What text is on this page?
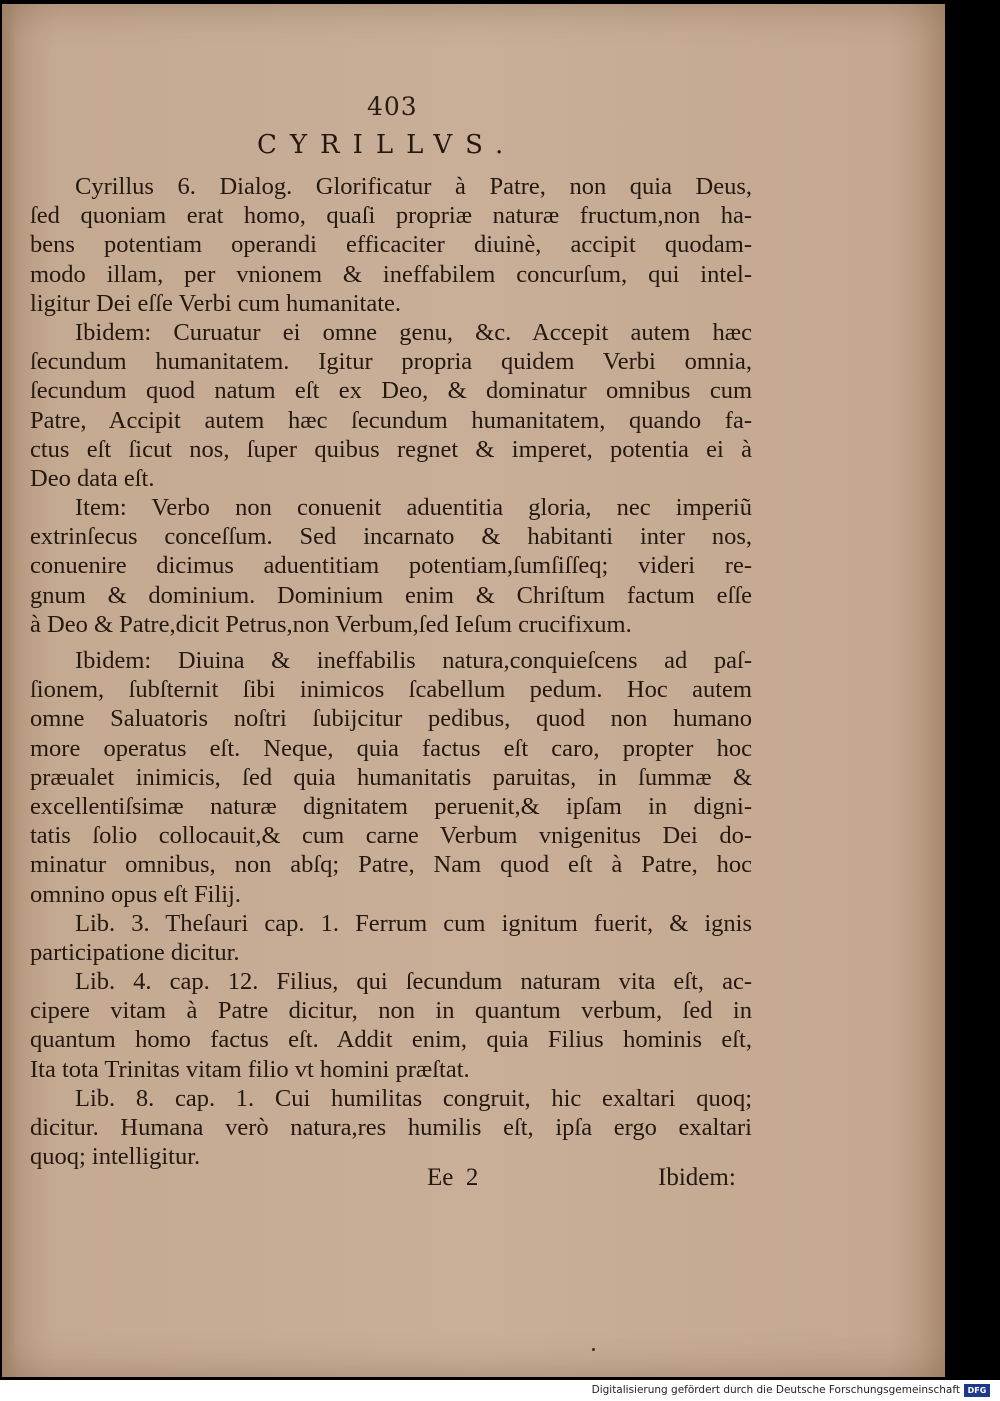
403
CYRILLVS.
Cyrillus 6. Dialog. Glorificatur à Patre, non quia Deus,
ſed quoniam erat homo, quaſi propriæ naturæ fructum,non ha-
bens potentiam operandi efficaciter diuinè, accipit quodam-
modo illam, per vnionem & ineffabilem concurſum, qui intel-
ligitur Dei eſſe Verbi cum humanitate.
Ibidem: Curuatur ei omne genu, &c. Accepit autem hæc
ſecundum humanitatem. Igitur propria quidem Verbi omnia,
ſecundum quod natum eſt ex Deo, & dominatur omnibus cum
Patre, Accipit autem hæc ſecundum humanitatem, quando fa-
ctus eſt ſicut nos, ſuper quibus regnet & imperet, potentia ei à
Deo data eſt.
Item: Verbo non conuenit aduentitia gloria, nec imperiũ
extrinſecus conceſſum. Sed incarnato & habitanti inter nos,
conuenire dicimus aduentitiam potentiam,ſumſiſſeq; videri re-
gnum & dominium. Dominium enim & Chriſtum factum eſſe
à Deo & Patre,dicit Petrus,non Verbum,ſed Ieſum crucifixum.
Ibidem: Diuina & ineffabilis natura,conquieſcens ad paſ-
ſionem, ſubſternit ſibi inimicos ſcabellum pedum. Hoc autem
omne Saluatoris noſtri ſubijcitur pedibus, quod non humano
more operatus eſt. Neque, quia factus eſt caro, propter hoc
præualet inimicis, ſed quia humanitatis paruitas, in ſummæ &
excellentiſsimæ naturæ dignitatem peruenit,& ipſam in digni-
tatis ſolio collocauit,& cum carne Verbum vnigenitus Dei do-
minatur omnibus, non abſq; Patre, Nam quod eſt à Patre, hoc
omnino opus eſt Filij.
Lib. 3. Theſauri cap. 1. Ferrum cum ignitum fuerit, & ignis
participatione dicitur.
Lib. 4. cap. 12. Filius, qui ſecundum naturam vita eſt, ac-
cipere vitam à Patre dicitur, non in quantum verbum, ſed in
quantum homo factus eſt. Addit enim, quia Filius hominis eſt,
Ita tota Trinitas vitam filio vt homini præſtat.
Lib. 8. cap. 1. Cui humilitas congruit, hic exaltari quoq;
dicitur. Humana verò natura,res humilis eſt, ipſa ergo exaltari
quoq; intelligitur.
Ee  2	Ibidem:
Digitalisierung gefördert durch die Deutsche Forschungsgemeinschaft DFG
